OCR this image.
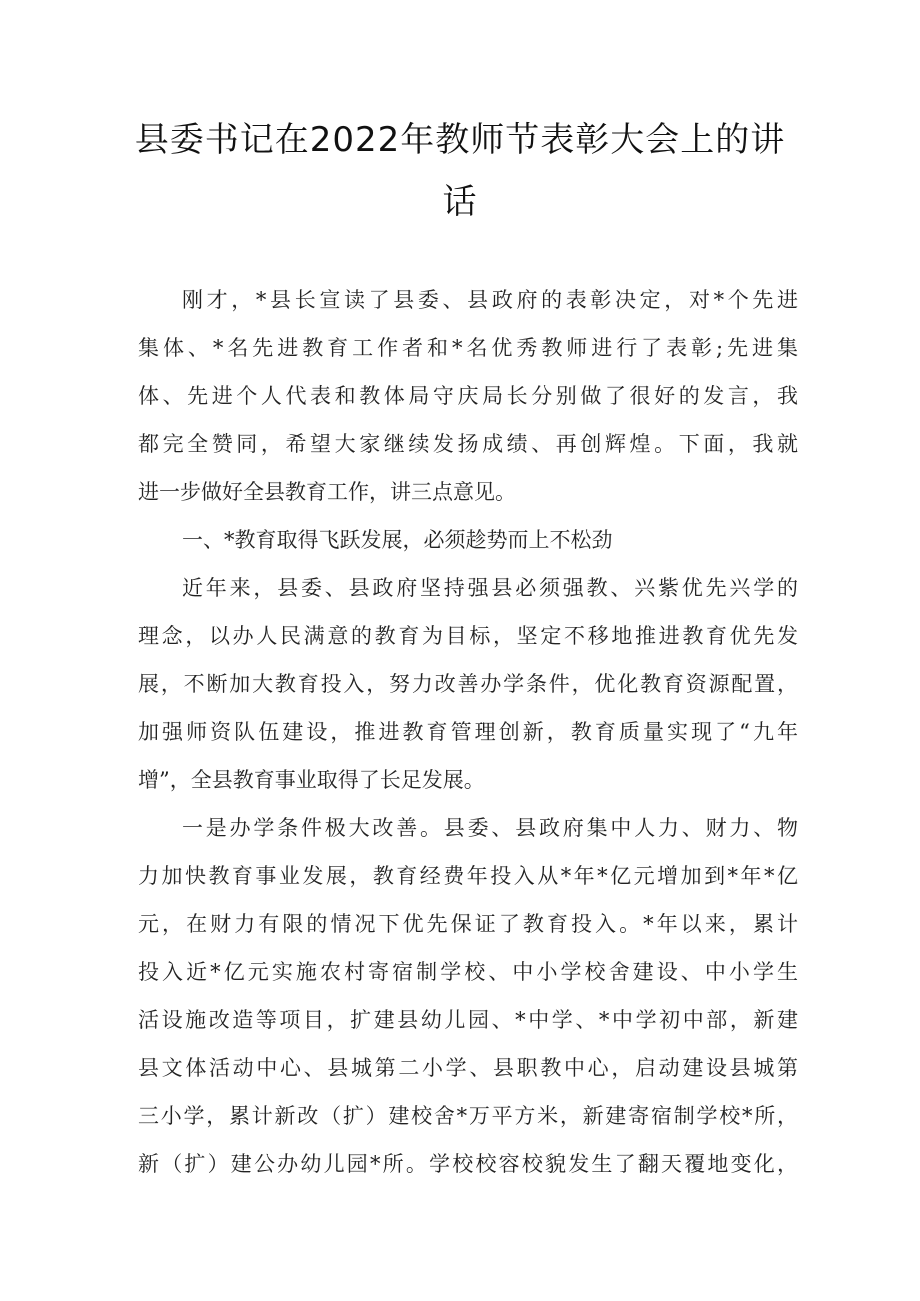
县委书记在2022年教师节表彰大会上的讲
话
刚才，*县长宣读了县委、县政府的表彰决定，对*个先进
集体、*名先进教育工作者和*名优秀教师进行了表彰;先进集
体、先进个人代表和教体局守庆局长分别做了很好的发言，我
都完全赞同，希望大家继续发扬成绩、再创辉煌。下面，我就
进一步做好全县教育工作，讲三点意见。
一、*教育取得飞跃发展，必须趁势而上不松劲
近年来，县委、县政府坚持强县必须强教、兴紫优先兴学的
理念，以办人民满意的教育为目标，坚定不移地推进教育优先发
展，不断加大教育投入，努力改善办学条件，优化教育资源配置，
加强师资队伍建设，推进教育管理创新，教育质量实现了“九年
增”，全县教育事业取得了长足发展。
一是办学条件极大改善。县委、县政府集中人力、财力、物
力加快教育事业发展，教育经费年投入从*年*亿元增加到*年*亿
元，在财力有限的情况下优先保证了教育投入。*年以来，累计
投入近*亿元实施农村寄宿制学校、中小学校舍建设、中小学生
活设施改造等项目，扩建县幼儿园、*中学、*中学初中部，新建
县文体活动中心、县城第二小学、县职教中心，启动建设县城第
三小学，累计新改（扩）建校舍*万平方米，新建寄宿制学校*所，
新（扩）建公办幼儿园*所。学校校容校貌发生了翻天覆地变化，
